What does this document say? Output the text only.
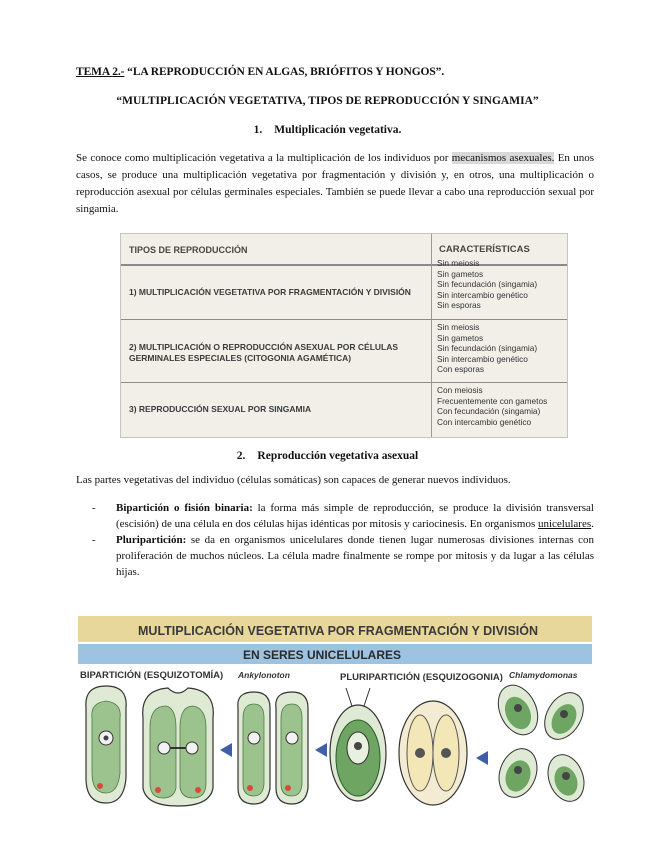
TEMA 2.- “LA REPRODUCCIÓN EN ALGAS, BRIÓFITOS Y HONGOS”.
“MULTIPLICACIÓN VEGETATIVA, TIPOS DE REPRODUCCIÓN Y SINGAMIA”
1. Multiplicación vegetativa.
Se conoce como multiplicación vegetativa a la multiplicación de los individuos por mecanismos asexuales. En unos casos, se produce una multiplicación vegetativa por fragmentación y división y, en otros, una multiplicación o reproducción asexual por células germinales especiales. También se puede llevar a cabo una reproducción sexual por singamia.
TIPOS DE REPRODUCCIÓN	CARACTERÍSTICAS
1) MULTIPLICACIÓN VEGETATIVA POR FRAGMENTACIÓN Y DIVISIÓN
Sin meiosis
Sin gametos
Sin fecundación (singamia)
Sin intercambio genético
Sin esporas
2) MULTIPLICACIÓN O REPRODUCCIÓN ASEXUAL POR CÉLULAS GERMINALES ESPECIALES (CITOGONIA AGAMÉTICA)
Sin meiosis
Sin gametos
Sin fecundación (singamia)
Sin intercambio genético
Con esporas
3) REPRODUCCIÓN SEXUAL POR SINGAMIA
Con meiosis
Frecuentemente con gametos
Con fecundación (singamia)
Con intercambio genético
2. Reproducción vegetativa asexual
Las partes vegetativas del individuo (células somáticas) son capaces de generar nuevos individuos.
- Bipartición o fisión binaria: la forma más simple de reproducción, se produce la división transversal (escisión) de una célula en dos células hijas idénticas por mitosis y cariocinesis. En organismos unicelulares.
- Pluripartición: se da en organismos unicelulares donde tienen lugar numerosas divisiones internas con proliferación de muchos núcleos. La célula madre finalmente se rompe por mitosis y da lugar a las células hijas.
MULTIPLICACIÓN VEGETATIVA POR FRAGMENTACIÓN Y DIVISIÓN
EN SERES UNICELULARES
BIPARTICIÓN (ESQUIZOTOMÍA) Ankylonoton	PLURIPARTICIÓN (ESQUIZOGONIA) Chlamydomonas
